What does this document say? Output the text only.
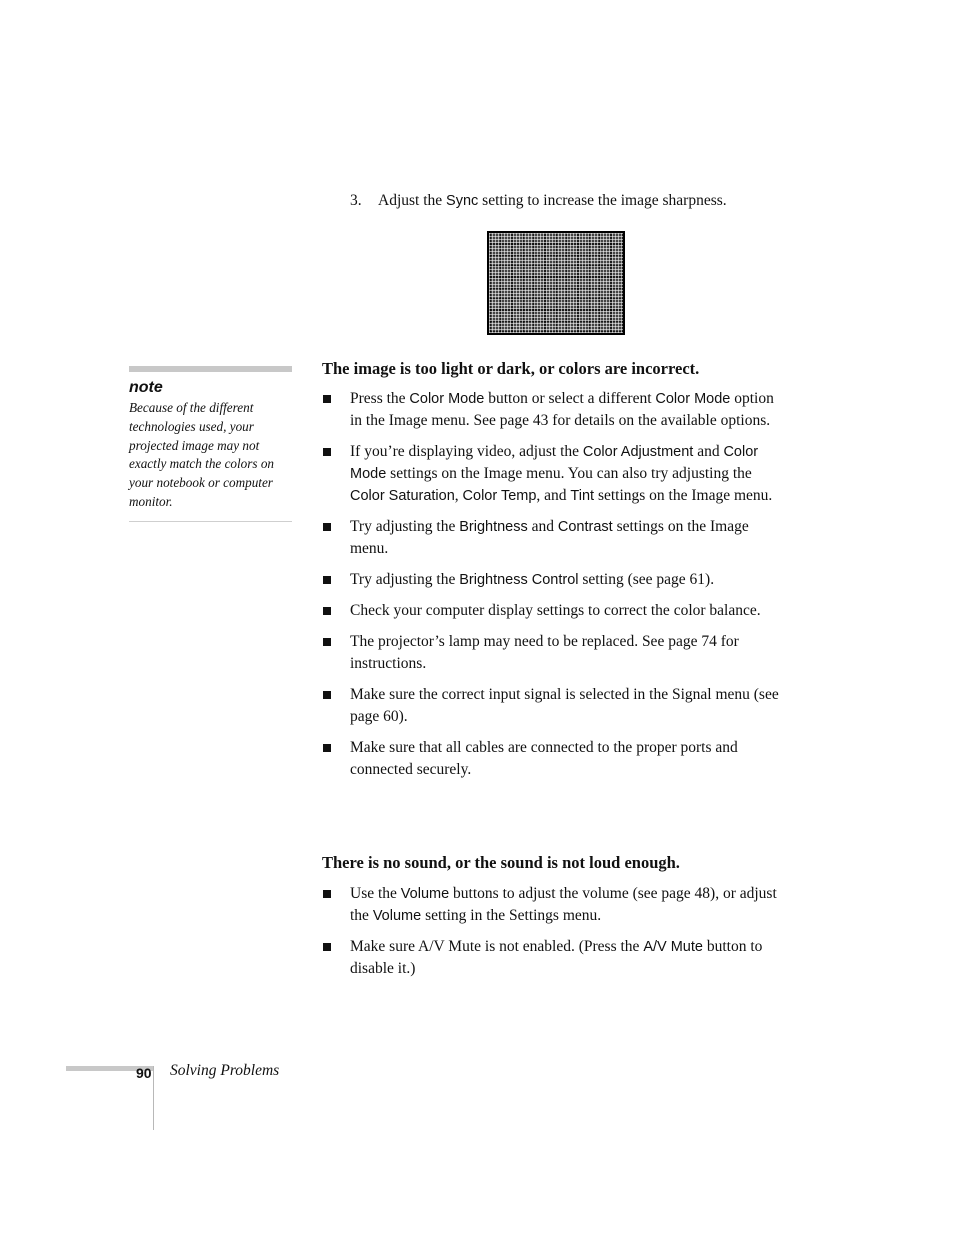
3. Adjust the Sync setting to increase the image sharpness.
note
Because of the different technologies used, your projected image may not exactly match the colors on your notebook or computer monitor.
The image is too light or dark, or colors are incorrect.
Press the Color Mode button or select a different Color Mode option in the Image menu. See page 43 for details on the available options.
If you’re displaying video, adjust the Color Adjustment and Color Mode settings on the Image menu. You can also try adjusting the Color Saturation, Color Temp, and Tint settings on the Image menu.
Try adjusting the Brightness and Contrast settings on the Image menu.
Try adjusting the Brightness Control setting (see page 61).
Check your computer display settings to correct the color balance.
The projector’s lamp may need to be replaced. See page 74 for instructions.
Make sure the correct input signal is selected in the Signal menu (see page 60).
Make sure that all cables are connected to the proper ports and connected securely.
There is no sound, or the sound is not loud enough.
Use the Volume buttons to adjust the volume (see page 48), or adjust the Volume setting in the Settings menu.
Make sure A/V Mute is not enabled. (Press the A/V Mute button to disable it.)
90 Solving Problems
